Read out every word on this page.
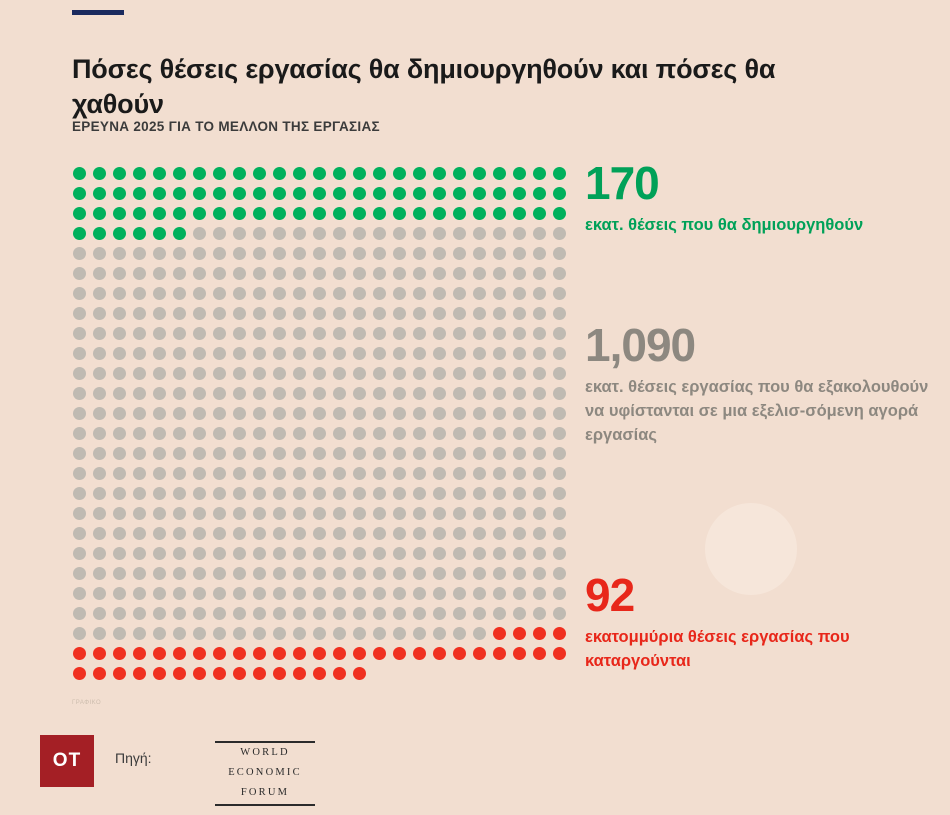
Πόσες θέσεις εργασίας θα δημιουργηθούν και πόσες θα χαθούν
ΕΡΕΥΝΑ 2025 ΓΙΑ ΤΟ ΜΕΛΛΟΝ ΤΗΣ ΕΡΓΑΣΙΑΣ
170
εκατ. θέσεις που θα δημιουργηθούν
1,090
εκατ. θέσεις εργασίας που θα εξακολουθούν να υφίστανται σε μια εξελισ-σόμενη αγορά εργασίας
92
εκατομμύρια θέσεις εργασίας που καταργούνται
ΓΡΑΦΙΚΟ
ΟΤ	Πηγή:	WORLD
ECONOMIC
FORUM
